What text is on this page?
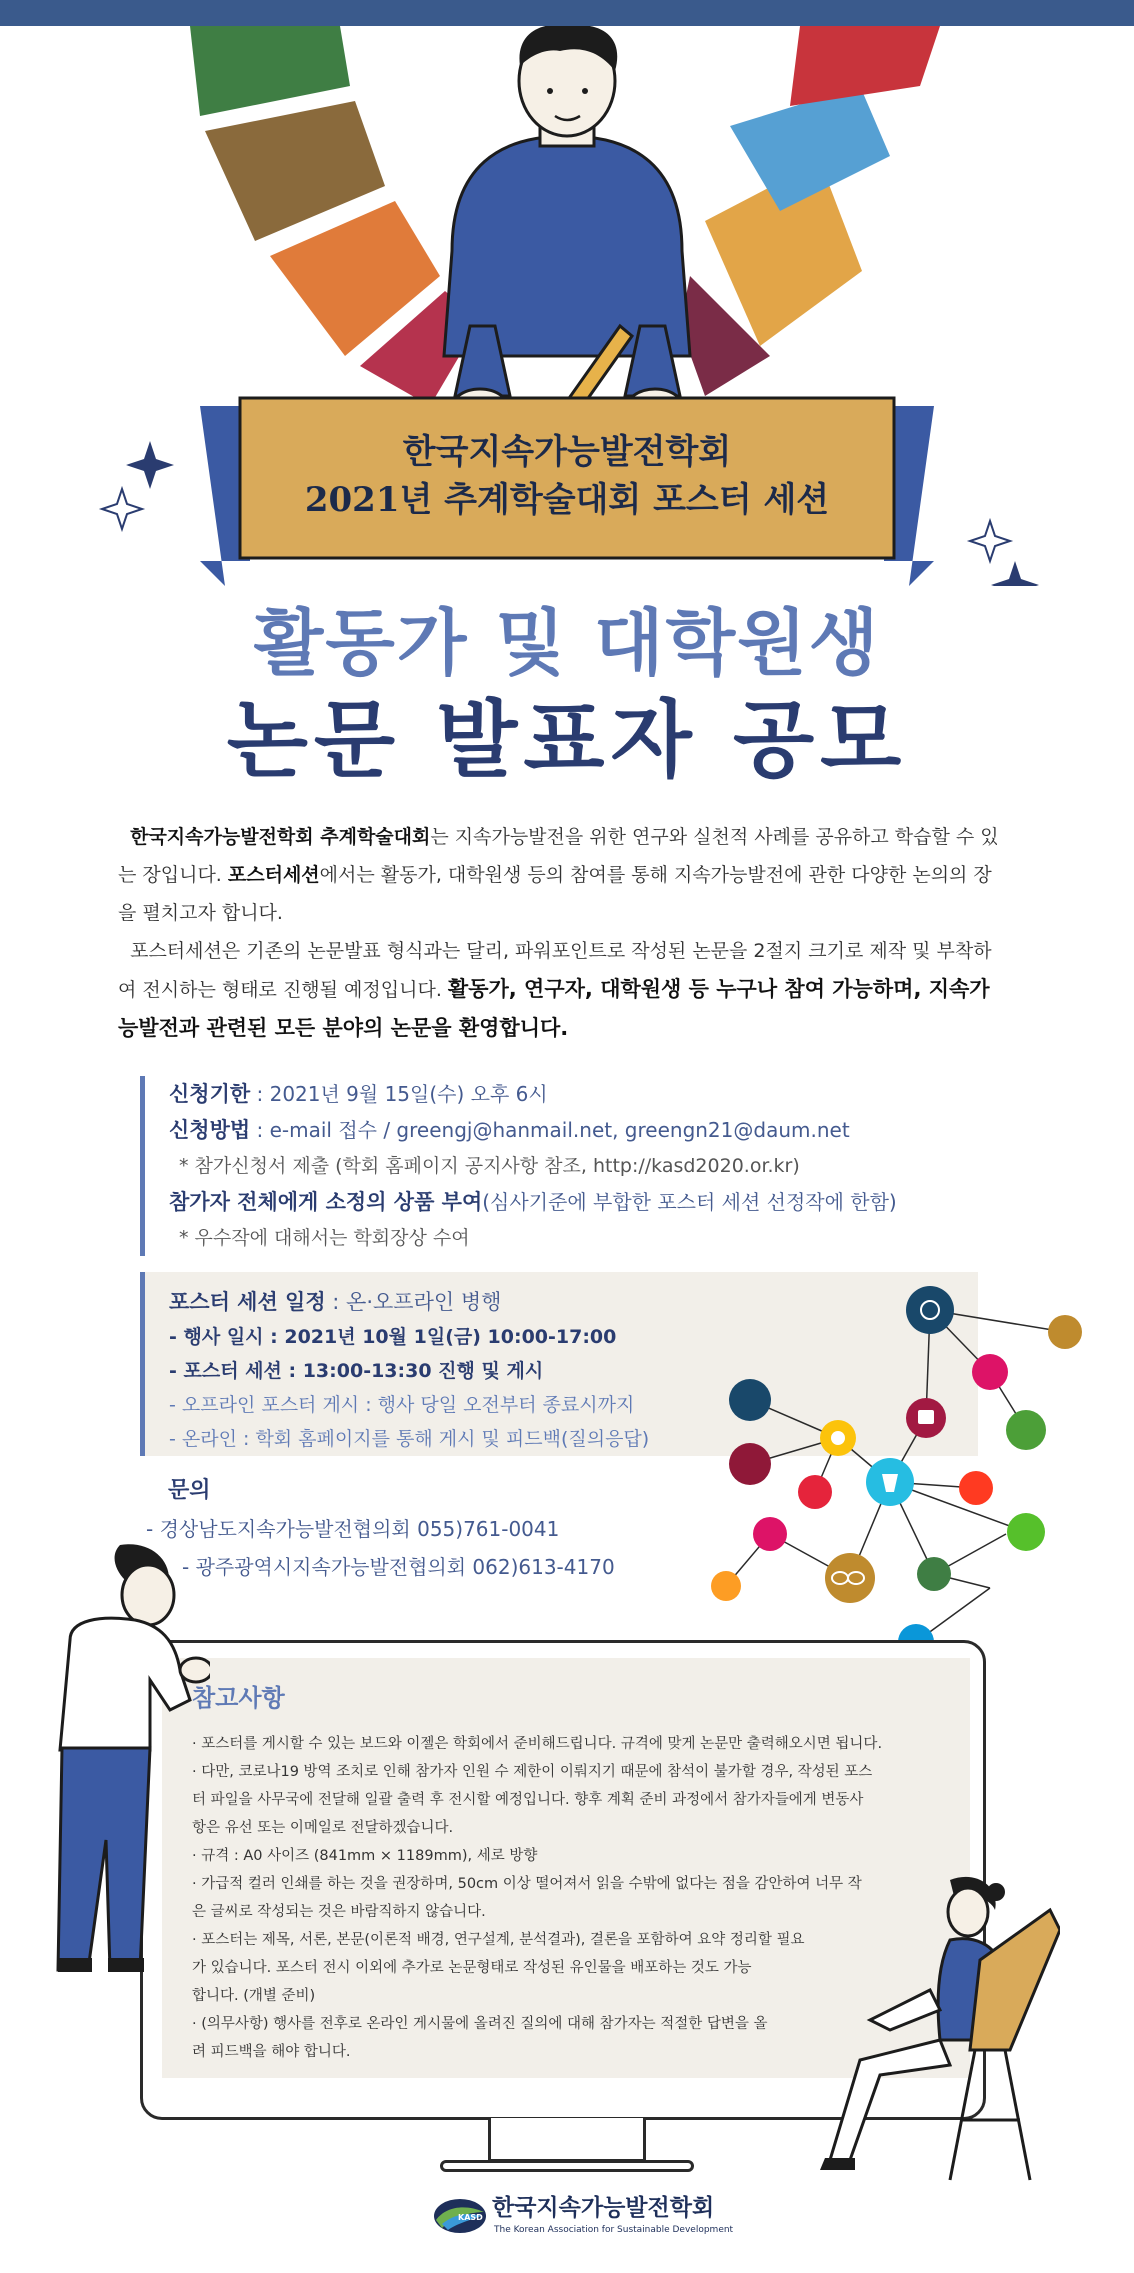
한국지속가능발전학회
2021년 추계학술대회 포스터 세션
활동가 및 대학원생
논문 발표자 공모

한국지속가능발전학회 추계학술대회는 지속가능발전을 위한 연구와 실천적 사례를 공유하고 학습할 수 있는 장입니다. 포스터세션에서는 활동가, 대학원생 등의 참여를 통해 지속가능발전에 관한 다양한 논의의 장을 펼치고자 합니다.

포스터세션은 기존의 논문발표 형식과는 달리, 파워포인트로 작성된 논문을 2절지 크기로 제작 및 부착하여 전시하는 형태로 진행될 예정입니다. 활동가, 연구자, 대학원생 등 누구나 참여 가능하며, 지속가능발전과 관련된 모든 분야의 논문을 환영합니다.

신청기한 : 2021년 9월 15일(수) 오후 6시
신청방법 : e-mail 접수 / greengj@hanmail.net, greengn21@daum.net
* 참가신청서 제출 (학회 홈페이지 공지사항 참조, http://kasd2020.or.kr)
참가자 전체에게 소정의 상품 부여(심사기준에 부합한 포스터 세션 선정작에 한함)
* 우수작에 대해서는 학회장상 수여
포스터 세션 일정 : 온·오프라인 병행
- 행사 일시 : 2021년 10월 1일(금) 10:00-17:00
- 포스터 세션 : 13:00-13:30 진행 및 게시
- 오프라인 포스터 게시 : 행사 당일 오전부터 종료시까지
- 온라인 : 학회 홈페이지를 통해 게시 및 피드백(질의응답)
문의
- 경상남도지속가능발전협의회 055)761-0041
- 광주광역시지속가능발전협의회 062)613-4170
참고사항
· 포스터를 게시할 수 있는 보드와 이젤은 학회에서 준비해드립니다. 규격에 맞게 논문만 출력해오시면 됩니다.
· 다만, 코로나19 방역 조치로 인해 참가자 인원 수 제한이 이뤄지기 때문에 참석이 불가할 경우, 작성된 포스
터 파일을 사무국에 전달해 일괄 출력 후 전시할 예정입니다. 향후 계획 준비 과정에서 참가자들에게 변동사
항은 유선 또는 이메일로 전달하겠습니다.
· 규격 : A0 사이즈 (841mm × 1189mm), 세로 방향
· 가급적 컬러 인쇄를 하는 것을 권장하며, 50cm 이상 떨어져서 읽을 수밖에 없다는 점을 감안하여 너무 작
은 글씨로 작성되는 것은 바람직하지 않습니다.
· 포스터는 제목, 서론, 본문(이론적 배경, 연구설계, 분석결과), 결론을 포함하여 요약 정리할 필요
가 있습니다. 포스터 전시 이외에 추가로 논문형태로 작성된 유인물을 배포하는 것도 가능
합니다. (개별 준비)
· (의무사항) 행사를 전후로 온라인 게시물에 올려진 질의에 대해 참가자는 적절한 답변을 올
려 피드백을 해야 합니다.
KASD 한국지속가능발전학회
The Korean Association for Sustainable Development
